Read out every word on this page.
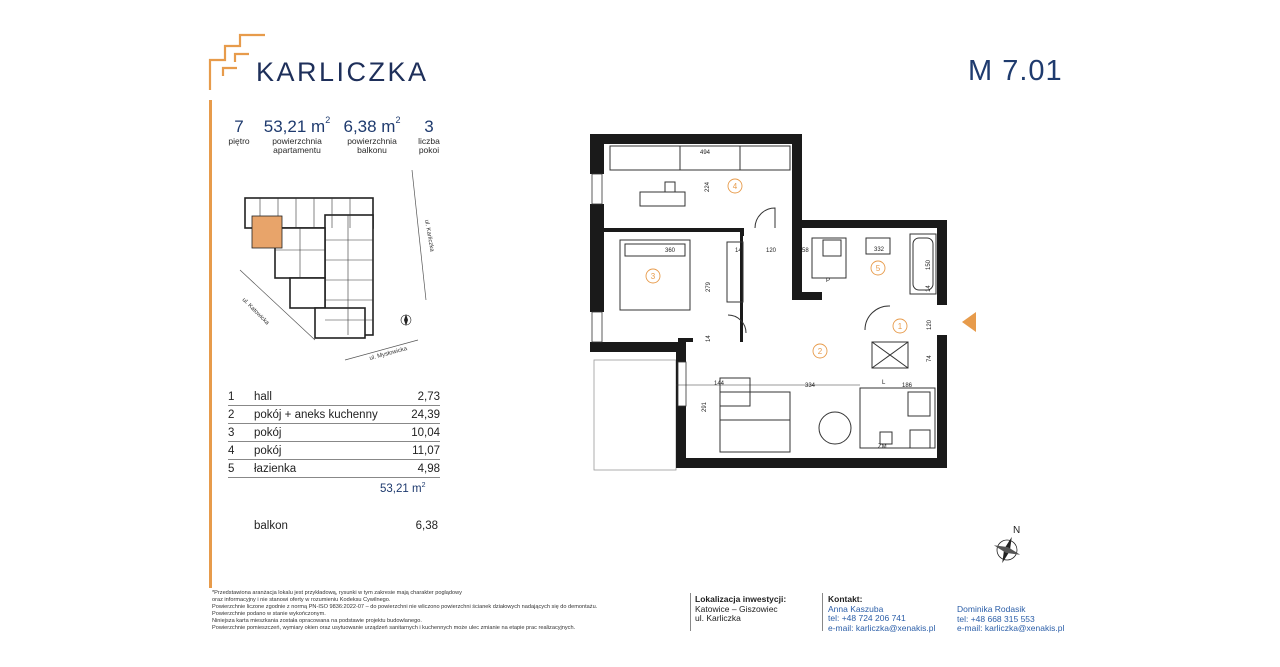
KARLICZKA	M 7.01
7
piętro
53,21 $m^2$
powierzchnia
apartamentu
6,38 $m^2$
powierzchnia
balkonu
3
liczba
pokoi
ul. Karliczka
ul. Katowicka
ul. Mysłowicka
1	hall	2,73
2	pokój + aneks kuchenny	24,39
3	pokój	10,04
4	pokój	11,07
5	łazienka	4,98
53,21 $m^2$
balkon	6,38
1
2
3
4
5
494
224
360	14	120	58	332
150
14
279
14
120
74
144	334	186
291
P
L
ZM
N
*Przedstawiona aranżacja lokalu jest przykładową, rysunki w tym zakresie mają charakter poglądowy
oraz informacyjny i nie stanowi oferty w rozumieniu Kodeksu Cywilnego.
Powierzchnie liczone zgodnie z normą PN-ISO 9836:2022-07 – do powierzchni nie wliczono powierzchni ścianek działowych nadających się do demontażu.
Powierzchnie podano w stanie wykończonym.
Niniejsza karta mieszkania została opracowana na podstawie projektu budowlanego.
Powierzchnie pomieszczeń, wymiary okien oraz usytuowanie urządzeń sanitarnych i kuchennych może ulec zmianie na etapie prac realizacyjnych.
Lokalizacja inwestycji:
Katowice – Giszowiec
ul. Karliczka
Kontakt:
Anna Kaszuba
tel: +48 724 206 741
e-mail: karliczka@xenakis.pl
Dominika Rodasik
tel: +48 668 315 553
e-mail: karliczka@xenakis.pl
